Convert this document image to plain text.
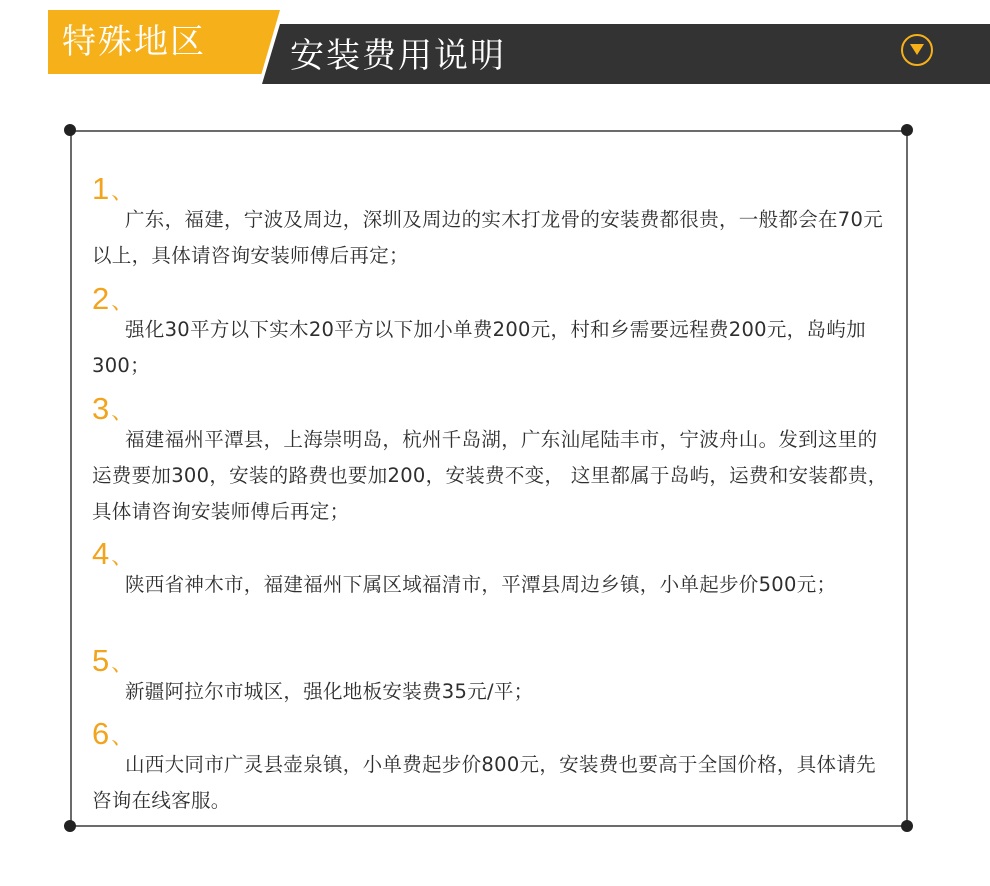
特殊地区 安装费用说明
1、
广东，福建，宁波及周边，深圳及周边的实木打龙骨的安装费都很贵，一般都会在70元以上，具体请咨询安装师傅后再定；
2、
强化30平方以下实木20平方以下加小单费200元，村和乡需要远程费200元，岛屿加300；
3、
福建福州平潭县，上海崇明岛，杭州千岛湖，广东汕尾陆丰市，宁波舟山。发到这里的运费要加300，安装的路费也要加200，安装费不变， 这里都属于岛屿，运费和安装都贵，具体请咨询安装师傅后再定；
4、
陕西省神木市，福建福州下属区域福清市，平潭县周边乡镇，小单起步价500元；
5、
新疆阿拉尔市城区，强化地板安装费35元/平；
6、
山西大同市广灵县壶泉镇，小单费起步价800元，安装费也要高于全国价格，具体请先咨询在线客服。
